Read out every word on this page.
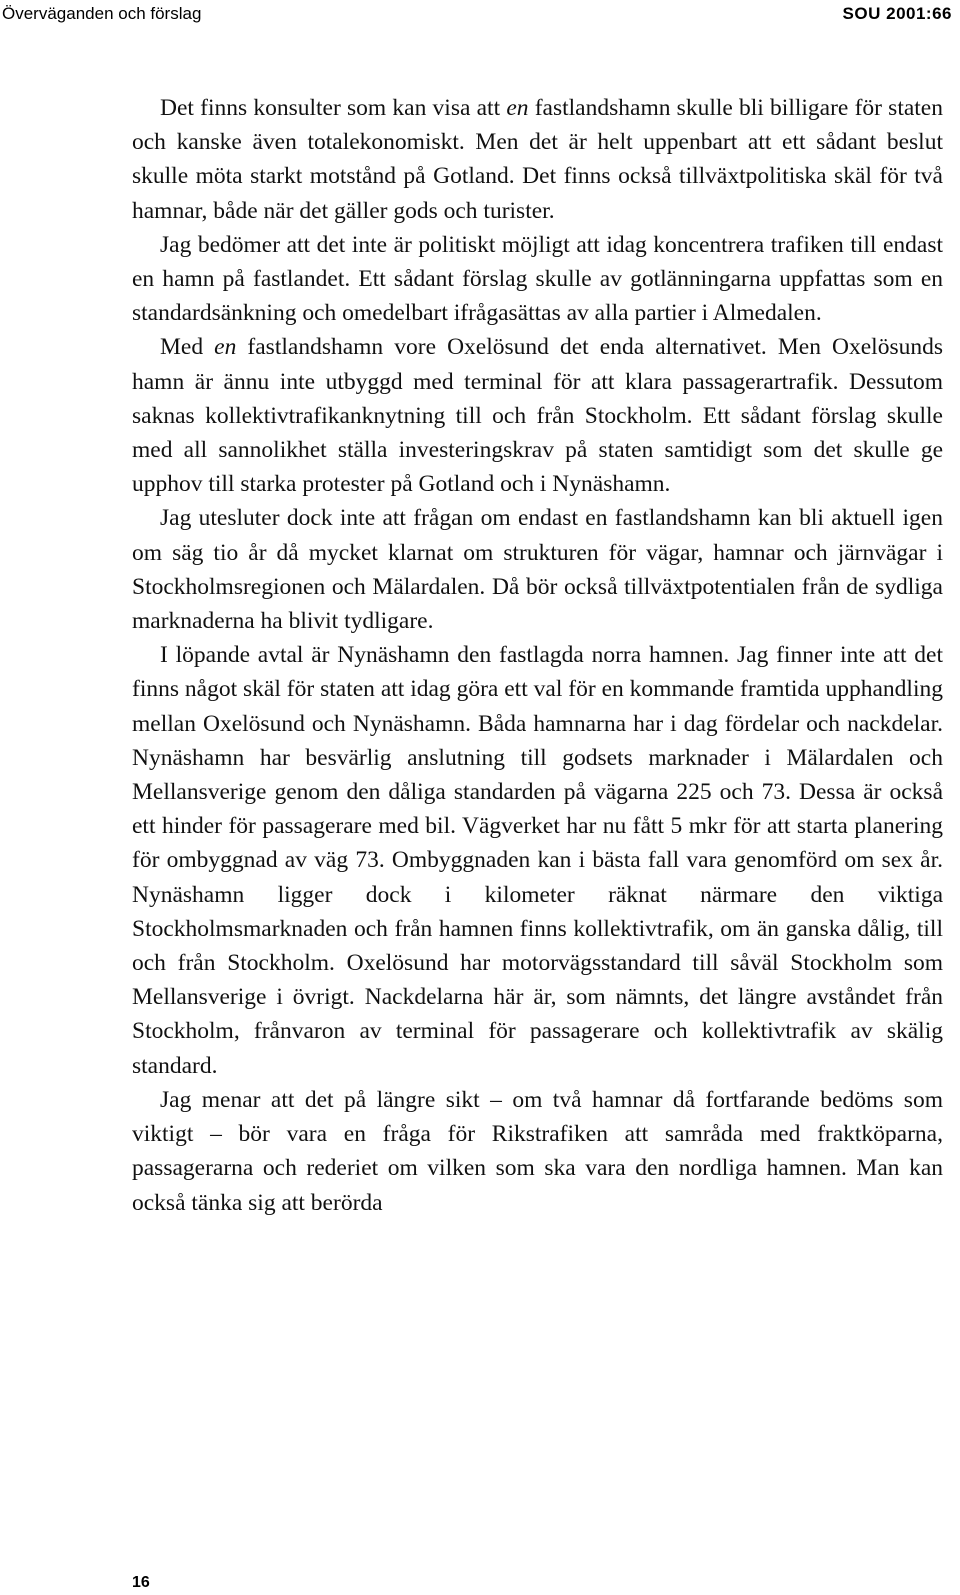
Överväganden och förslag	SOU 2001:66

Det finns konsulter som kan visa att en fastlandshamn skulle bli billigare för staten och kanske även totalekonomiskt. Men det är helt uppenbart att ett sådant beslut skulle möta starkt motstånd på Gotland. Det finns också tillväxtpolitiska skäl för två hamnar, både när det gäller gods och turister.

Jag bedömer att det inte är politiskt möjligt att idag koncentrera trafiken till endast en hamn på fastlandet. Ett sådant förslag skulle av gotlänningarna uppfattas som en standardsänkning och omedelbart ifrågasättas av alla partier i Almedalen.

Med en fastlandshamn vore Oxelösund det enda alternativet. Men Oxelösunds hamn är ännu inte utbyggd med terminal för att klara passagerartrafik. Dessutom saknas kollektivtrafikanknytning till och från Stockholm. Ett sådant förslag skulle med all sannolikhet ställa investeringskrav på staten samtidigt som det skulle ge upphov till starka protester på Gotland och i Nynäshamn.

Jag utesluter dock inte att frågan om endast en fastlandshamn kan bli aktuell igen om säg tio år då mycket klarnat om strukturen för vägar, hamnar och järnvägar i Stockholmsregionen och Mälardalen. Då bör också tillväxtpotentialen från de sydliga marknaderna ha blivit tydligare.

I löpande avtal är Nynäshamn den fastlagda norra hamnen. Jag finner inte att det finns något skäl för staten att idag göra ett val för en kommande framtida upphandling mellan Oxelösund och Nynäshamn. Båda hamnarna har i dag fördelar och nackdelar. Nynäshamn har besvärlig anslutning till godsets marknader i Mälardalen och Mellansverige genom den dåliga standarden på vägarna 225 och 73. Dessa är också ett hinder för passagerare med bil. Vägverket har nu fått 5 mkr för att starta planering för ombyggnad av väg 73. Ombyggnaden kan i bästa fall vara genomförd om sex år. Nynäshamn ligger dock i kilometer räknat närmare den viktiga Stockholmsmarknaden och från hamnen finns kollektivtrafik, om än ganska dålig, till och från Stockholm. Oxelösund har motorvägsstandard till såväl Stockholm som Mellansverige i övrigt. Nackdelarna här är, som nämnts, det längre avståndet från Stockholm, frånvaron av terminal för passagerare och kollektivtrafik av skälig standard.

Jag menar att det på längre sikt – om två hamnar då fortfarande bedöms som viktigt – bör vara en fråga för Rikstrafiken att samråda med fraktköparna, passagerarna och rederiet om vilken som ska vara den nordliga hamnen. Man kan också tänka sig att berörda

16
